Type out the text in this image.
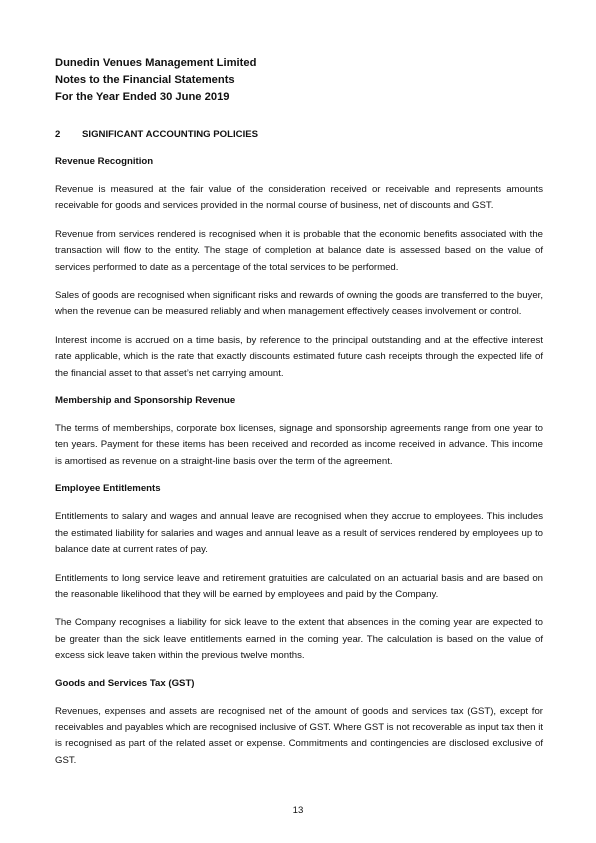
Dunedin Venues Management Limited

Notes to the Financial Statements

For the Year Ended 30 June 2019

2 SIGNIFICANT ACCOUNTING POLICIES

Revenue Recognition

Revenue is measured at the fair value of the consideration received or receivable and represents amounts receivable for goods and services provided in the normal course of business, net of discounts and GST.

Revenue from services rendered is recognised when it is probable that the economic benefits associated with the transaction will flow to the entity. The stage of completion at balance date is assessed based on the value of services performed to date as a percentage of the total services to be performed.

Sales of goods are recognised when significant risks and rewards of owning the goods are transferred to the buyer, when the revenue can be measured reliably and when management effectively ceases involvement or control.

Interest income is accrued on a time basis, by reference to the principal outstanding and at the effective interest rate applicable, which is the rate that exactly discounts estimated future cash receipts through the expected life of the financial asset to that asset’s net carrying amount.

Membership and Sponsorship Revenue

The terms of memberships, corporate box licenses, signage and sponsorship agreements range from one year to ten years. Payment for these items has been received and recorded as income received in advance. This income is amortised as revenue on a straight-line basis over the term of the agreement.

Employee Entitlements

Entitlements to salary and wages and annual leave are recognised when they accrue to employees. This includes the estimated liability for salaries and wages and annual leave as a result of services rendered by employees up to balance date at current rates of pay.

Entitlements to long service leave and retirement gratuities are calculated on an actuarial basis and are based on the reasonable likelihood that they will be earned by employees and paid by the Company.

The Company recognises a liability for sick leave to the extent that absences in the coming year are expected to be greater than the sick leave entitlements earned in the coming year. The calculation is based on the value of excess sick leave taken within the previous twelve months.

Goods and Services Tax (GST)

Revenues, expenses and assets are recognised net of the amount of goods and services tax (GST), except for receivables and payables which are recognised inclusive of GST. Where GST is not recoverable as input tax then it is recognised as part of the related asset or expense. Commitments and contingencies are disclosed exclusive of GST.

13
